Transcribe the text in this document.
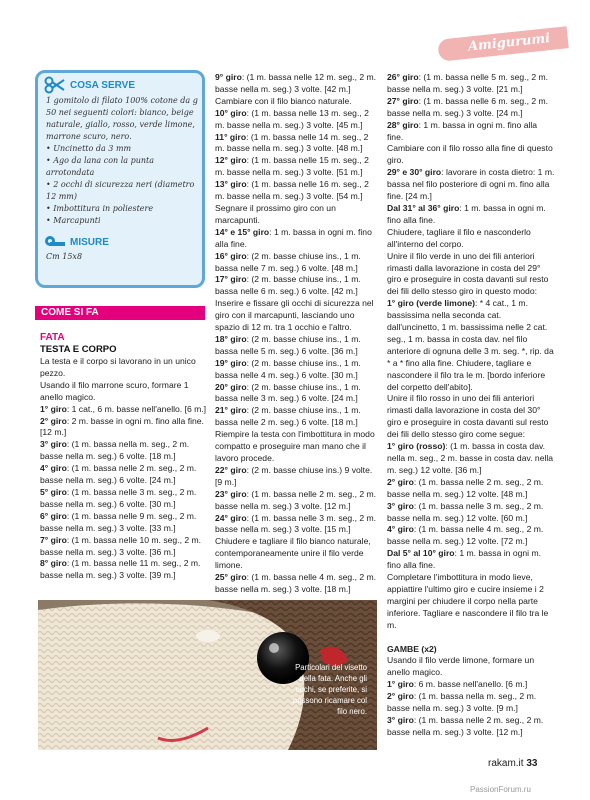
Amigurumi
COSA SERVE

1 gomitolo di filato 100% cotone da g 50 nei seguenti colori: bianco, beige naturale, giallo, rosso, verde limone, marrone scuro, nero.

• Uncinetto da 3 mm

• Ago da lana con la punta arrotondata

• 2 occhi di sicurezza neri (diametro 12 mm)

• Imbottitura in poliestere

• Marcapunti

MISURE
Cm 15x8
COME SI FA
FATA
TESTA E CORPO

La testa e il corpo si lavorano in un unico pezzo.

Usando il filo marrone scuro, formare 1 anello magico.

1° giro: 1 cat., 6 m. basse nell'anello. [6 m.]

2° giro: 2 m. basse in ogni m. fino alla fine. [12 m.]

3° giro: (1 m. bassa nella m. seg., 2 m. basse nella m. seg.) 6 volte. [18 m.]

4° giro: (1 m. bassa nelle 2 m. seg., 2 m. basse nella m. seg.) 6 volte. [24 m.]

5° giro: (1 m. bassa nelle 3 m. seg., 2 m. basse nella m. seg.) 6 volte. [30 m.]

6° giro: (1 m. bassa nelle 9 m. seg., 2 m. basse nella m. seg.) 3 volte. [33 m.]

7° giro: (1 m. bassa nelle 10 m. seg., 2 m. basse nella m. seg.) 3 volte. [36 m.]

8° giro: (1 m. bassa nelle 11 m. seg., 2 m. basse nella m. seg.) 3 volte. [39 m.]

9° giro: (1 m. bassa nelle 12 m. seg., 2 m. basse nella m. seg.) 3 volte. [42 m.]

Cambiare con il filo bianco naturale.

10° giro: (1 m. bassa nelle 13 m. seg., 2 m. basse nella m. seg.) 3 volte. [45 m.]

11° giro: (1 m. bassa nelle 14 m. seg., 2 m. basse nella m. seg.) 3 volte. [48 m.]

12° giro: (1 m. bassa nelle 15 m. seg., 2 m. basse nella m. seg.) 3 volte. [51 m.]

13° giro: (1 m. bassa nelle 16 m. seg., 2 m. basse nella m. seg.) 3 volte. [54 m.]

Segnare il prossimo giro con un marcapunti.

14° e 15° giro: 1 m. bassa in ogni m. fino alla fine.

16° giro: (2 m. basse chiuse ins., 1 m. bassa nelle 7 m. seg.) 6 volte. [48 m.]

17° giro: (2 m. basse chiuse ins., 1 m. bassa nelle 6 m. seg.) 6 volte. [42 m.]

Inserire e fissare gli occhi di sicurezza nel giro con il marcapunti, lasciando uno spazio di 12 m. tra 1 occhio e l'altro.

18° giro: (2 m. basse chiuse ins., 1 m. bassa nelle 5 m. seg.) 6 volte. [36 m.]

19° giro: (2 m. basse chiuse ins., 1 m. bassa nelle 4 m. seg.) 6 volte. [30 m.]

20° giro: (2 m. basse chiuse ins., 1 m. bassa nelle 3 m. seg.) 6 volte. [24 m.]

21° giro: (2 m. basse chiuse ins., 1 m. bassa nelle 2 m. seg.) 6 volte. [18 m.]

Riempire la testa con l'imbottitura in modo compatto e proseguire man mano che il lavoro procede.

22° giro: (2 m. basse chiuse ins.) 9 volte. [9 m.]

23° giro: (1 m. bassa nelle 2 m. seg., 2 m. basse nella m. seg.) 3 volte. [12 m.]

24° giro: (1 m. bassa nelle 3 m. seg., 2 m. basse nella m. seg.) 3 volte. [15 m.]

Chiudere e tagliare il filo bianco naturale, contemporaneamente unire il filo verde limone.

25° giro: (1 m. bassa nelle 4 m. seg., 2 m. basse nella m. seg.) 3 volte. [18 m.]

26° giro: (1 m. bassa nelle 5 m. seg., 2 m. basse nella m. seg.) 3 volte. [21 m.]

27° giro: (1 m. bassa nelle 6 m. seg., 2 m. basse nella m. seg.) 3 volte. [24 m.]

28° giro: 1 m. bassa in ogni m. fino alla fine.

Cambiare con il filo rosso alla fine di questo giro.

29° e 30° giro: lavorare in costa dietro: 1 m. bassa nel filo posteriore di ogni m. fino alla fine. [24 m.]

Dal 31° al 36° giro: 1 m. bassa in ogni m. fino alla fine.

Chiudere, tagliare il filo e nasconderlo all'interno del corpo.

Unire il filo verde in uno dei fili anteriori rimasti dalla lavorazione in costa del 29° giro e proseguire in costa davanti sul resto dei fili dello stesso giro in questo modo:

1° giro (verde limone): * 4 cat., 1 m. bassissima nella seconda cat. dall'uncinetto, 1 m. bassissima nelle 2 cat. seg., 1 m. bassa in costa dav. nel filo anteriore di ognuna delle 3 m. seg. *, rip. da * a * fino alla fine. Chiudere, tagliare e nascondere il filo tra le m. [bordo inferiore del corpetto dell'abito].

Unire il filo rosso in uno dei fili anteriori rimasti dalla lavorazione in costa del 30° giro e proseguire in costa davanti sul resto dei fili dello stesso giro come segue:

1° giro (rosso): (1 m. bassa in costa dav. nella m. seg., 2 m. basse in costa dav. nella m. seg.) 12 volte. [36 m.]

2° giro: (1 m. bassa nelle 2 m. seg., 2 m. basse nella m. seg.) 12 volte. [48 m.]

3° giro: (1 m. bassa nelle 3 m. seg., 2 m. basse nella m. seg.) 12 volte. [60 m.]

4° giro: (1 m. bassa nelle 4 m. seg., 2 m. basse nella m. seg.) 12 volte. [72 m.]

Dal 5° al 10° giro: 1 m. bassa in ogni m. fino alla fine.

Completare l'imbottitura in modo lieve, appiattire l'ultimo giro e cucire insieme i 2 margini per chiudere il corpo nella parte inferiore. Tagliare e nascondere il filo tra le m.

GAMBE (x2)

Usando il filo verde limone, formare un anello magico.

1° giro: 6 m. basse nell'anello. [6 m.]

2° giro: (1 m. bassa nella m. seg., 2 m. basse nella m. seg.) 3 volte. [9 m.]

3° giro: (1 m. bassa nelle 2 m. seg., 2 m. basse nella m. seg.) 3 volte. [12 m.]

Particolari del visetto della fata. Anche gli occhi, se preferite, si possono ricamare col filo nero.
rakam.it 33
PassionForum.ru
